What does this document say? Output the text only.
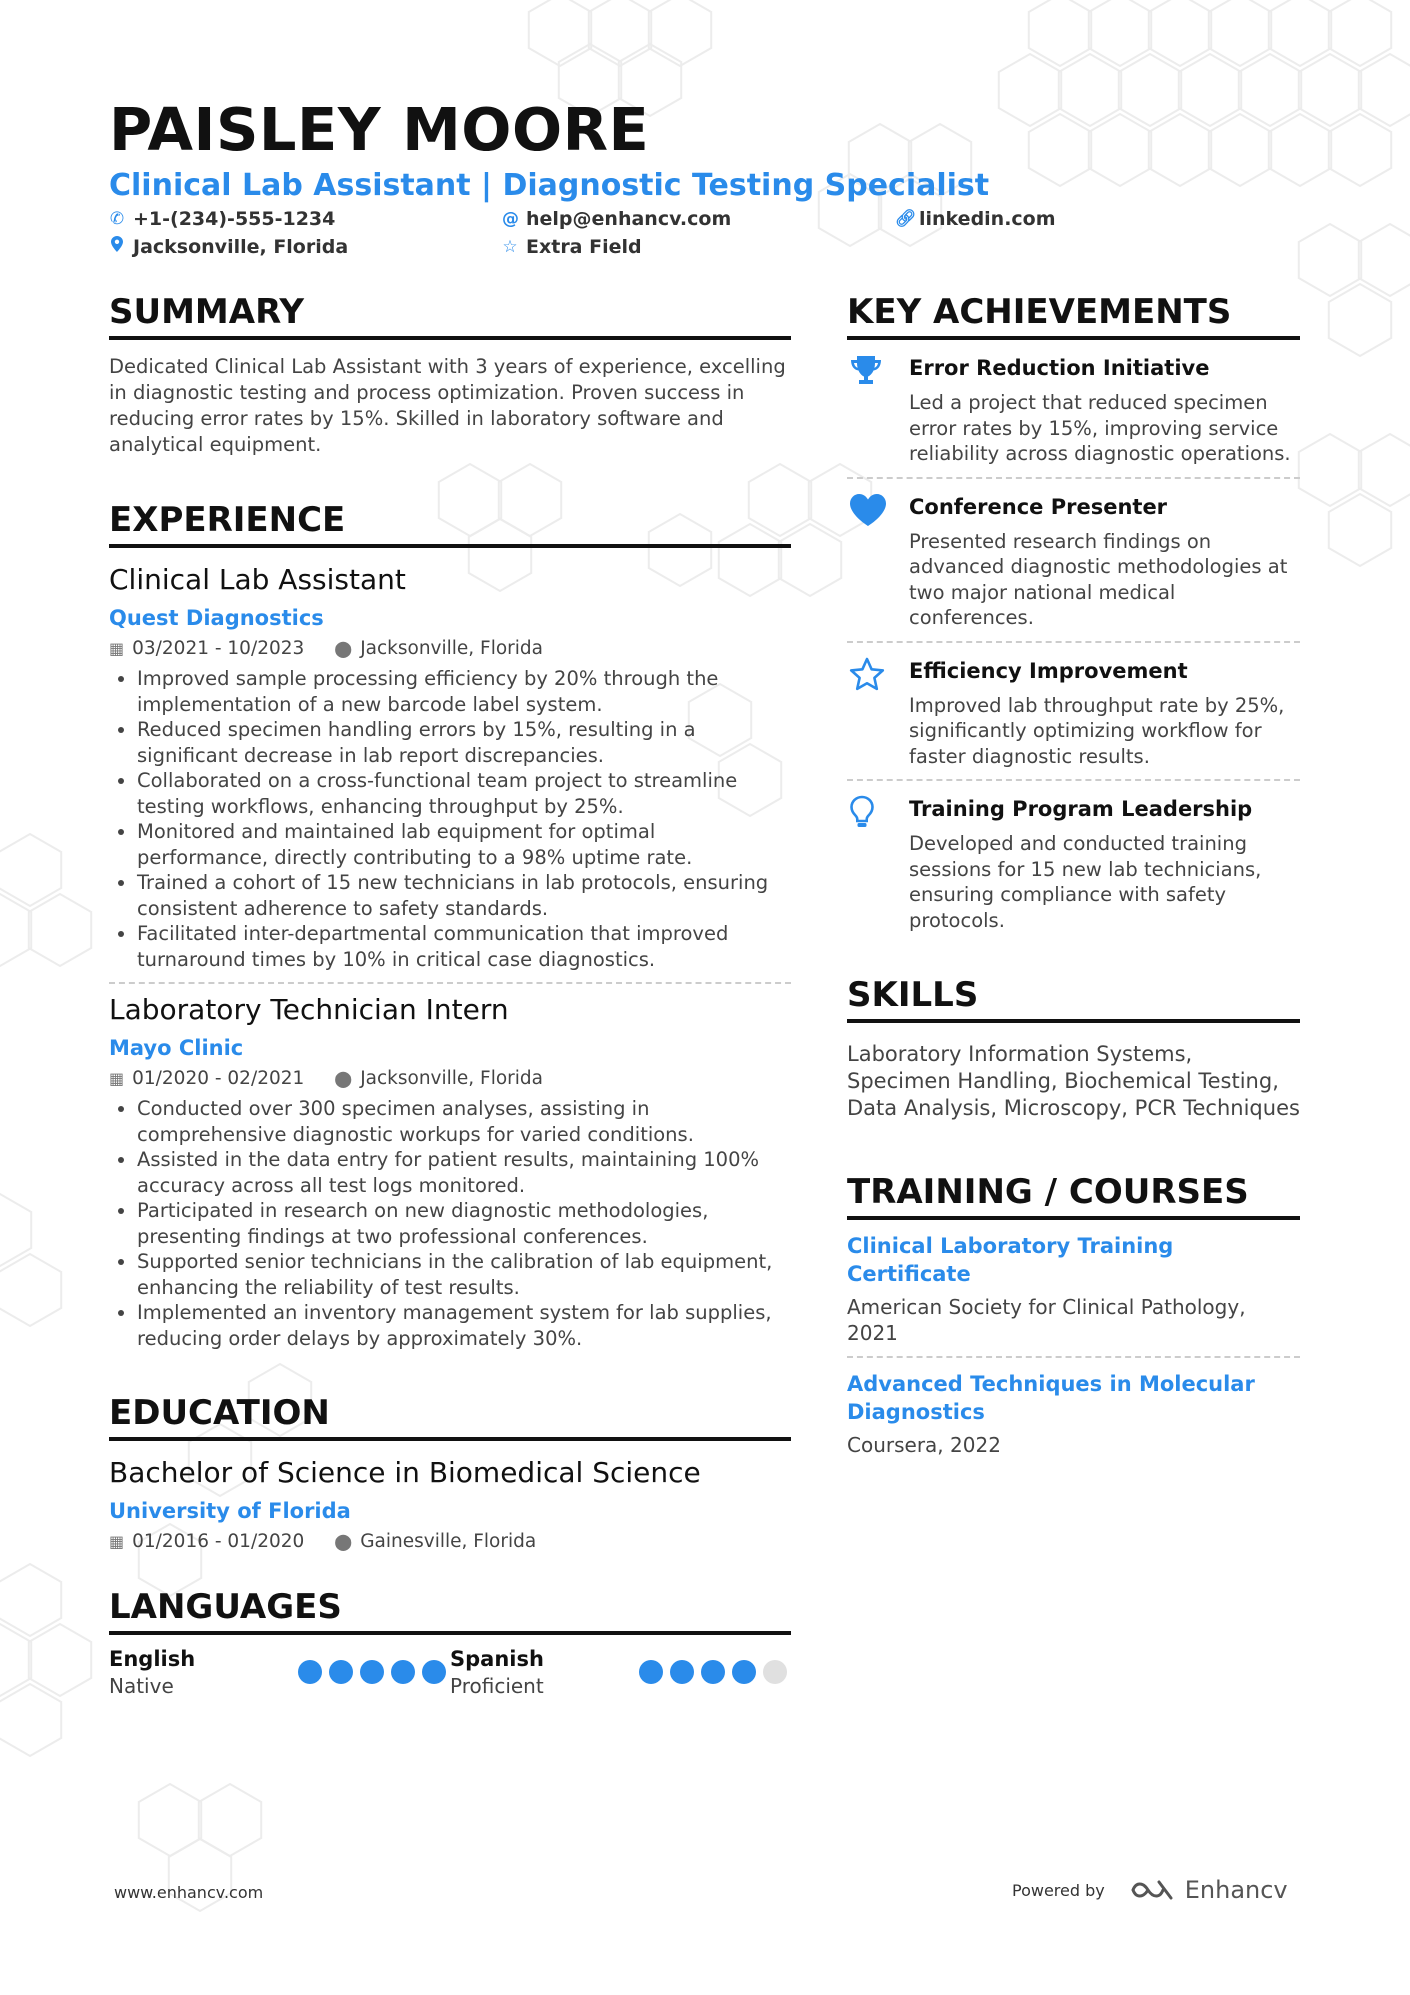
PAISLEY MOORE
Clinical Lab Assistant | Diagnostic Testing Specialist
✆ +1-(234)-555-1234	@ help@enhancv.com	🔗︎ linkedin.com
Jacksonville, Florida	☆ Extra Field
SUMMARY
Dedicated Clinical Lab Assistant with 3 years of experience, excelling in diagnostic testing and process optimization. Proven success in reducing error rates by 15%. Skilled in laboratory software and analytical equipment.
EXPERIENCE
Clinical Lab Assistant
Quest Diagnostics
▦ 03/2021 - 10/2023 ⬤ Jacksonville, Florida
• Improved sample processing efficiency by 20% through the implementation of a new barcode label system.
• Reduced specimen handling errors by 15%, resulting in a significant decrease in lab report discrepancies.
• Collaborated on a cross-functional team project to streamline testing workflows, enhancing throughput by 25%.
• Monitored and maintained lab equipment for optimal performance, directly contributing to a 98% uptime rate.
• Trained a cohort of 15 new technicians in lab protocols, ensuring consistent adherence to safety standards.
• Facilitated inter-departmental communication that improved turnaround times by 10% in critical case diagnostics.
Laboratory Technician Intern
Mayo Clinic
▦ 01/2020 - 02/2021 ⬤ Jacksonville, Florida
• Conducted over 300 specimen analyses, assisting in comprehensive diagnostic workups for varied conditions.
• Assisted in the data entry for patient results, maintaining 100% accuracy across all test logs monitored.
• Participated in research on new diagnostic methodologies, presenting findings at two professional conferences.
• Supported senior technicians in the calibration of lab equipment, enhancing the reliability of test results.
• Implemented an inventory management system for lab supplies, reducing order delays by approximately 30%.
EDUCATION
Bachelor of Science in Biomedical Science
University of Florida
▦ 01/2016 - 01/2020 ⬤ Gainesville, Florida
LANGUAGES
English
Native
Spanish
Proficient
KEY ACHIEVEMENTS
Error Reduction Initiative
Led a project that reduced specimen error rates by 15%, improving service reliability across diagnostic operations.
Conference Presenter
Presented research findings on advanced diagnostic methodologies at two major national medical conferences.
Efficiency Improvement
Improved lab throughput rate by 25%, significantly optimizing workflow for faster diagnostic results.
Training Program Leadership
Developed and conducted training sessions for 15 new lab technicians, ensuring compliance with safety protocols.
SKILLS
Laboratory Information Systems, Specimen Handling, Biochemical Testing, Data Analysis, Microscopy, PCR Techniques
TRAINING / COURSES
Clinical Laboratory Training Certificate
American Society for Clinical Pathology, 2021
Advanced Techniques in Molecular Diagnostics
Coursera, 2022
www.enhancv.com	Powered by	Enhancv
